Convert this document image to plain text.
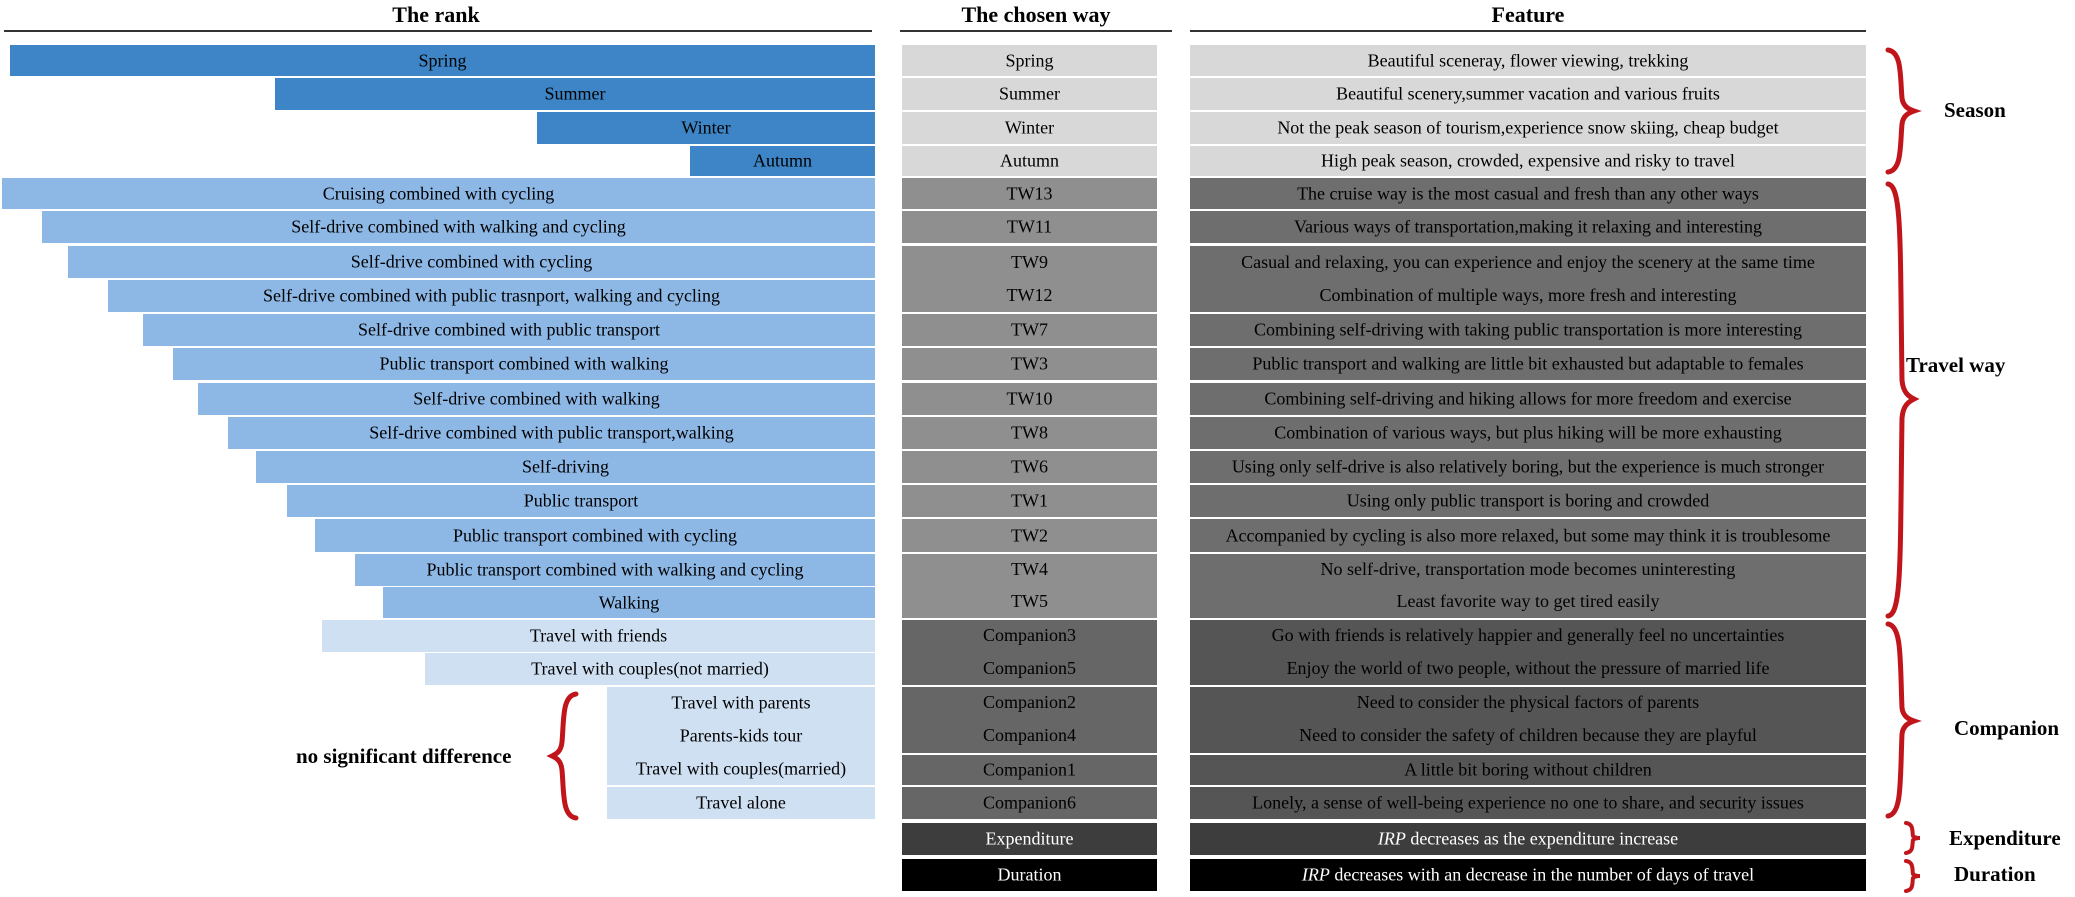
The rank	The chosen way	Feature
Spring
Summer
Winter
Autumn
Cruising combined with cycling
Self-drive combined with walking and cycling
Self-drive combined with cycling
Self-drive combined with public trasnport, walking and cycling
Self-drive combined with public transport
Public transport combined with walking
Self-drive combined with walking
Self-drive combined with public transport,walking
Self-driving
Public transport
Public transport combined with cycling
Public transport combined with walking and cycling
Walking
Travel with friends
Travel with couples(not married)
Travel with parents
Parents-kids tour
Travel with couples(married)
Travel alone
no significant difference
Spring
Summer
Winter
Autumn
TW13
TW11
TW9
TW12
TW7
TW3
TW10
TW8
TW6
TW1
TW2
TW4
TW5
Companion3
Companion5
Companion2
Companion4
Companion1
Companion6
Expenditure
Duration
Beautiful sceneray, flower viewing, trekking
Beautiful scenery,summer vacation and various fruits
Not the peak season of tourism,experience snow skiing, cheap budget
High peak season, crowded, expensive and risky to travel
The cruise way is the most casual and fresh than any other ways
Various ways of transportation,making it relaxing and interesting
Casual and relaxing, you can experience and enjoy the scenery at the same time
Combination of multiple ways, more fresh and interesting
Combining self-driving with taking public transportation is more interesting
Public transport and walking are little bit exhausted but adaptable to females
Combining self-driving and hiking allows for more freedom and exercise
Combination of various ways, but plus hiking will be more exhausting
Using only self-drive is also relatively boring, but the experience is much stronger
Using only public transport is boring and crowded
Accompanied by cycling is also more relaxed, but some may think it is troublesome
No self-drive, transportation mode becomes uninteresting
Least favorite way to get tired easily
Go with friends is relatively happier and generally feel no uncertainties
Enjoy the world of two people, without the pressure of married life
Need to consider the physical factors of parents
Need to consider the safety of children because they are playful
A little bit boring without children
Lonely, a sense of well-being experience no one to share, and security issues
IRP decreases as the expenditure increase
IRP decreases with an decrease in the number of days of travel
Season
Travel way
Companion
Expenditure
Duration
